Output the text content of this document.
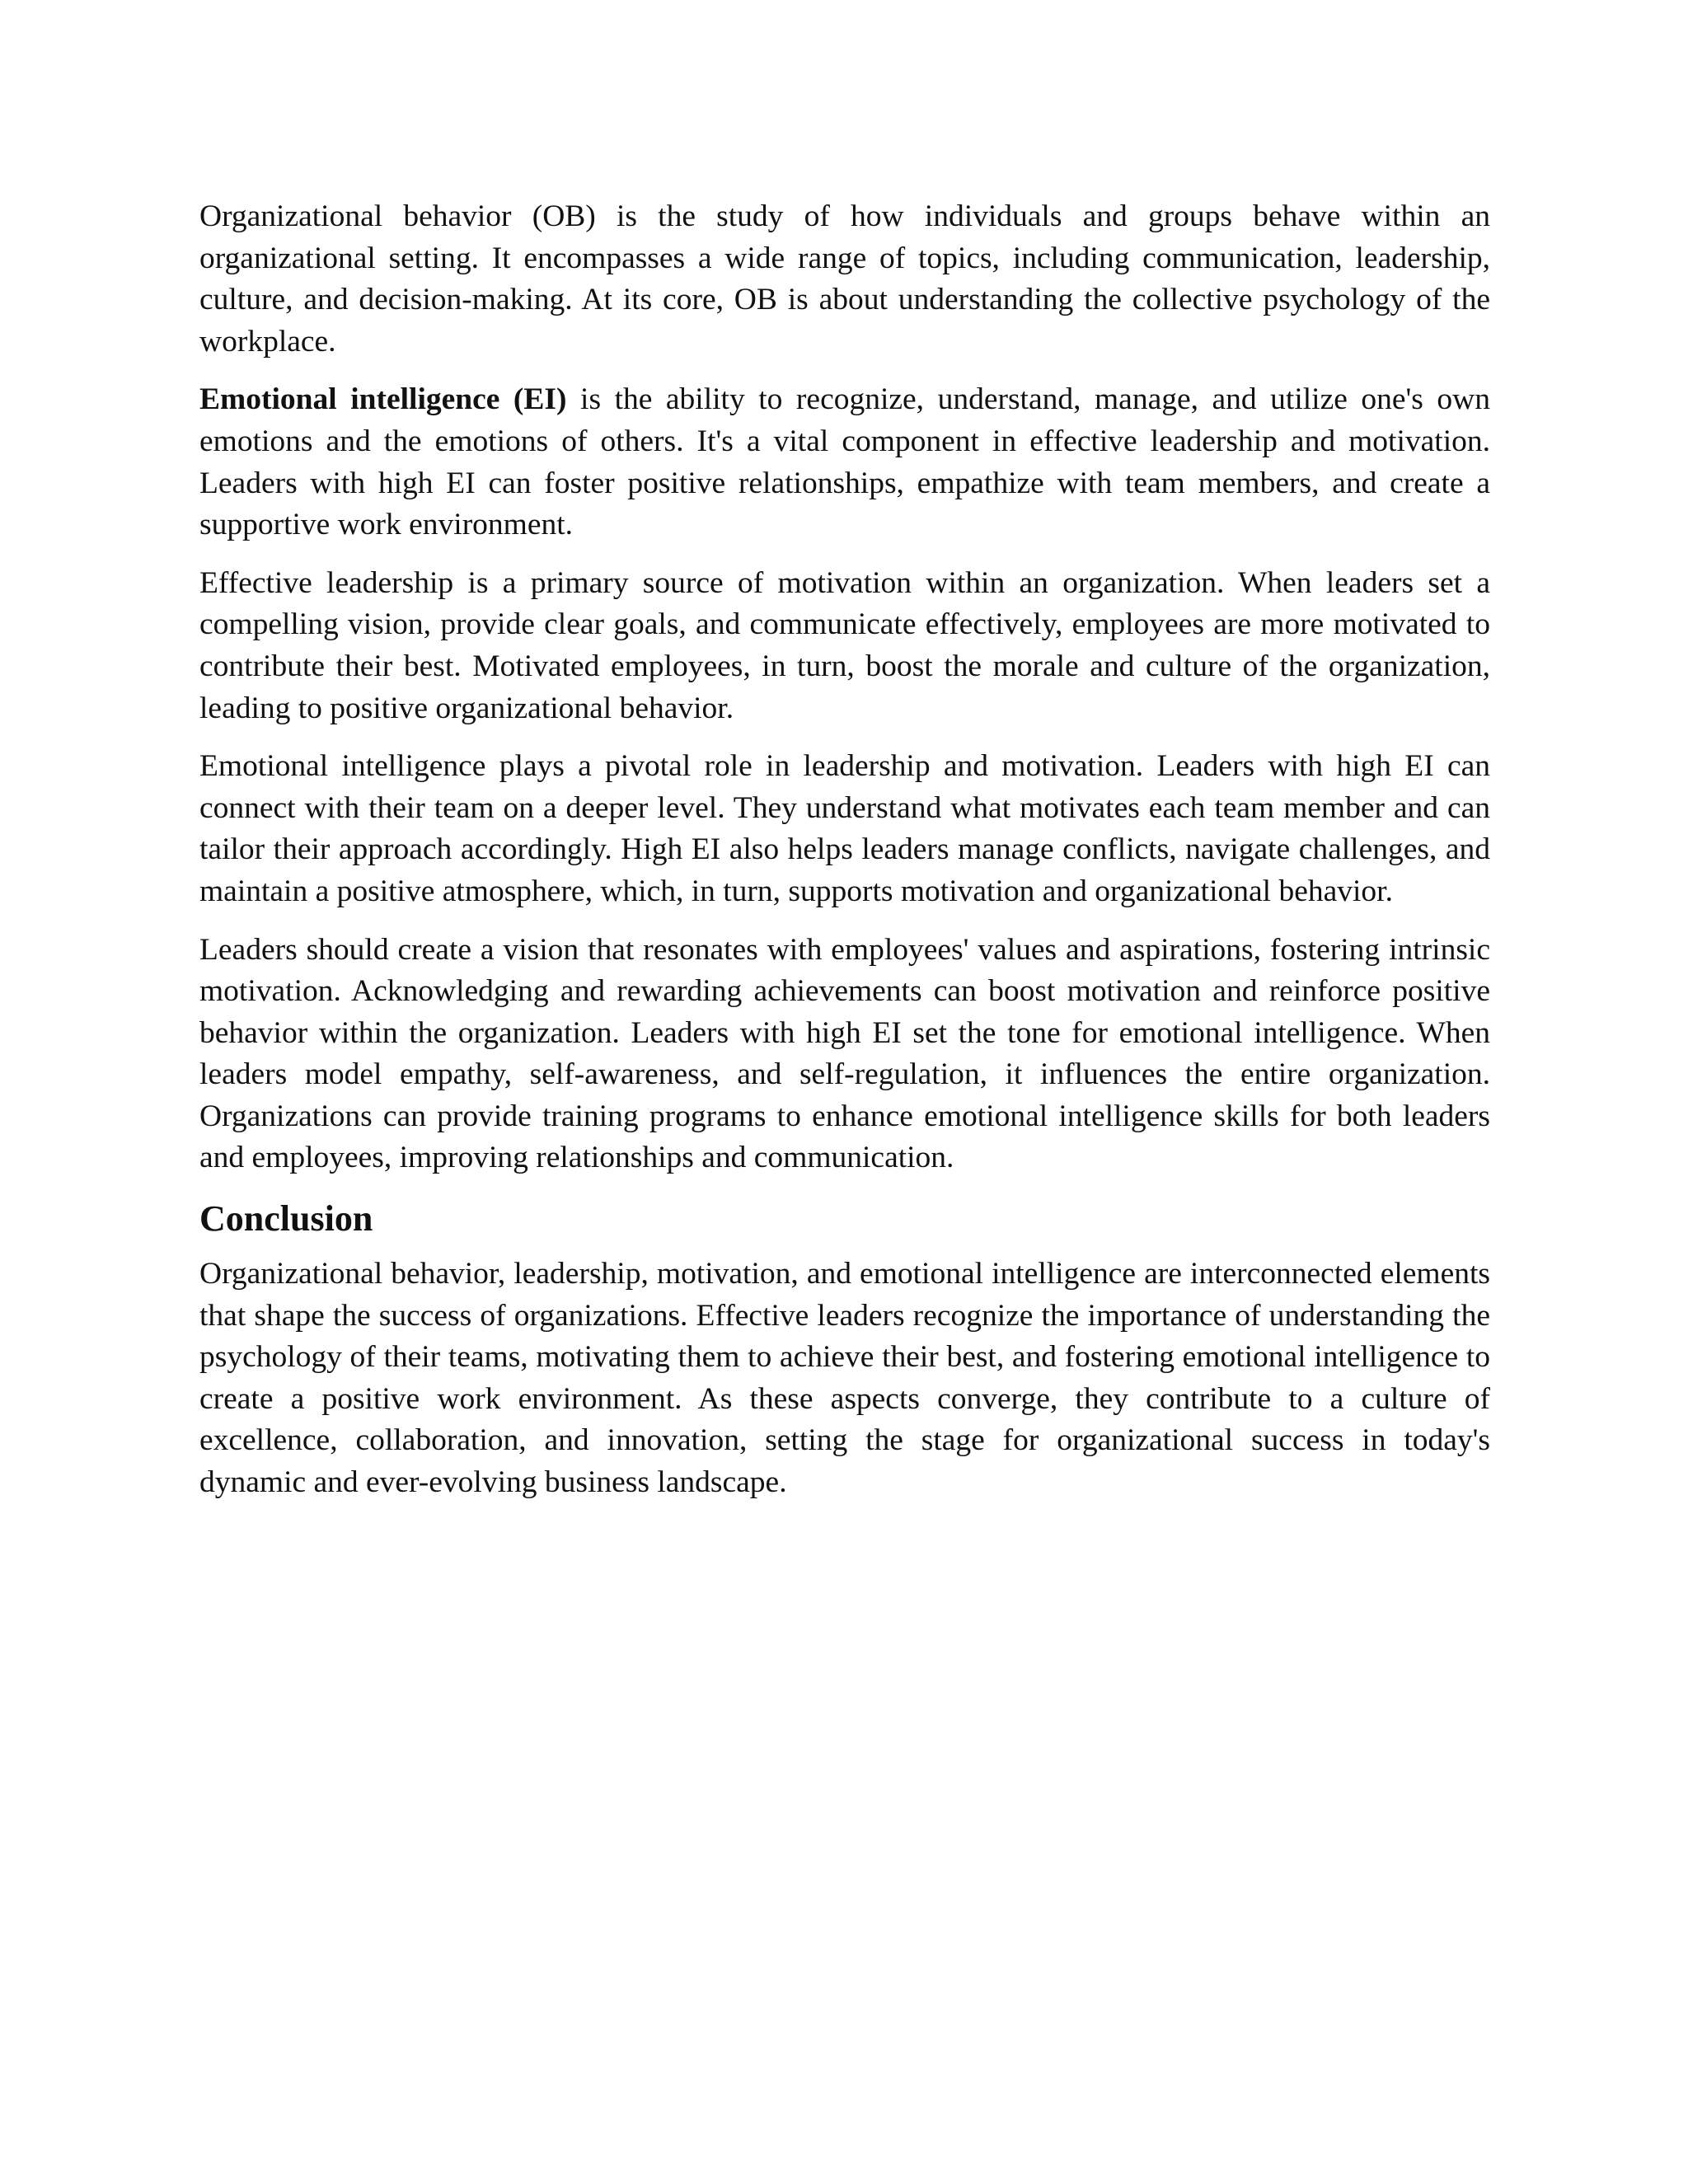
Organizational behavior (OB) is the study of how individuals and groups behave within an organizational setting. It encompasses a wide range of topics, including communication, leadership, culture, and decision-making. At its core, OB is about understanding the collective psychology of the workplace.

Emotional intelligence (EI) is the ability to recognize, understand, manage, and utilize one's own emotions and the emotions of others. It's a vital component in effective leadership and motivation. Leaders with high EI can foster positive relationships, empathize with team members, and create a supportive work environment.

Effective leadership is a primary source of motivation within an organization. When leaders set a compelling vision, provide clear goals, and communicate effectively, employees are more motivated to contribute their best. Motivated employees, in turn, boost the morale and culture of the organization, leading to positive organizational behavior.

Emotional intelligence plays a pivotal role in leadership and motivation. Leaders with high EI can connect with their team on a deeper level. They understand what motivates each team member and can tailor their approach accordingly. High EI also helps leaders manage conflicts, navigate challenges, and maintain a positive atmosphere, which, in turn, supports motivation and organizational behavior.

Leaders should create a vision that resonates with employees' values and aspirations, fostering intrinsic motivation. Acknowledging and rewarding achievements can boost motivation and reinforce positive behavior within the organization. Leaders with high EI set the tone for emotional intelligence. When leaders model empathy, self-awareness, and self-regulation, it influences the entire organization. Organizations can provide training programs to enhance emotional intelligence skills for both leaders and employees, improving relationships and communication.

Conclusion

Organizational behavior, leadership, motivation, and emotional intelligence are interconnected elements that shape the success of organizations. Effective leaders recognize the importance of understanding the psychology of their teams, motivating them to achieve their best, and fostering emotional intelligence to create a positive work environment. As these aspects converge, they contribute to a culture of excellence, collaboration, and innovation, setting the stage for organizational success in today's dynamic and ever-evolving business landscape.
